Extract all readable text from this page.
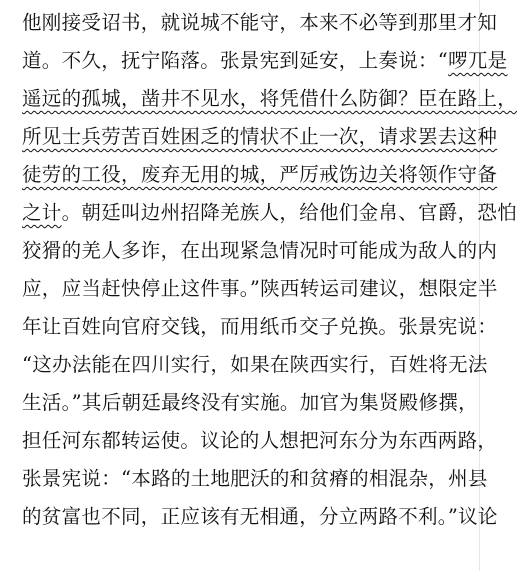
他刚接受诏书，就说城不能守，本来不必等到那里才知
道。不久，抚宁陷落。张景宪到延安，上奏说：“啰兀是
遥远的孤城，凿井不见水，将凭借什么防御？臣在路上，
所见士兵劳苦百姓困乏的情状不止一次，请求罢去这种
徒劳的工役，废弃无用的城，严厉戒饬边关将领作守备
之计。朝廷叫边州招降羌族人，给他们金帛、官爵，恐怕
狡猾的羌人多诈，在出现紧急情况时可能成为敌人的内
应，应当赶快停止这件事。”陕西转运司建议，想限定半
年让百姓向官府交钱，而用纸币交子兑换。张景宪说：
“这办法能在四川实行，如果在陕西实行，百姓将无法
生活。”其后朝廷最终没有实施。加官为集贤殿修撰，
担任河东都转运使。议论的人想把河东分为东西两路，
张景宪说：“本路的土地肥沃的和贫瘠的相混杂，州县
的贫富也不同，正应该有无相通，分立两路不利。”议论
